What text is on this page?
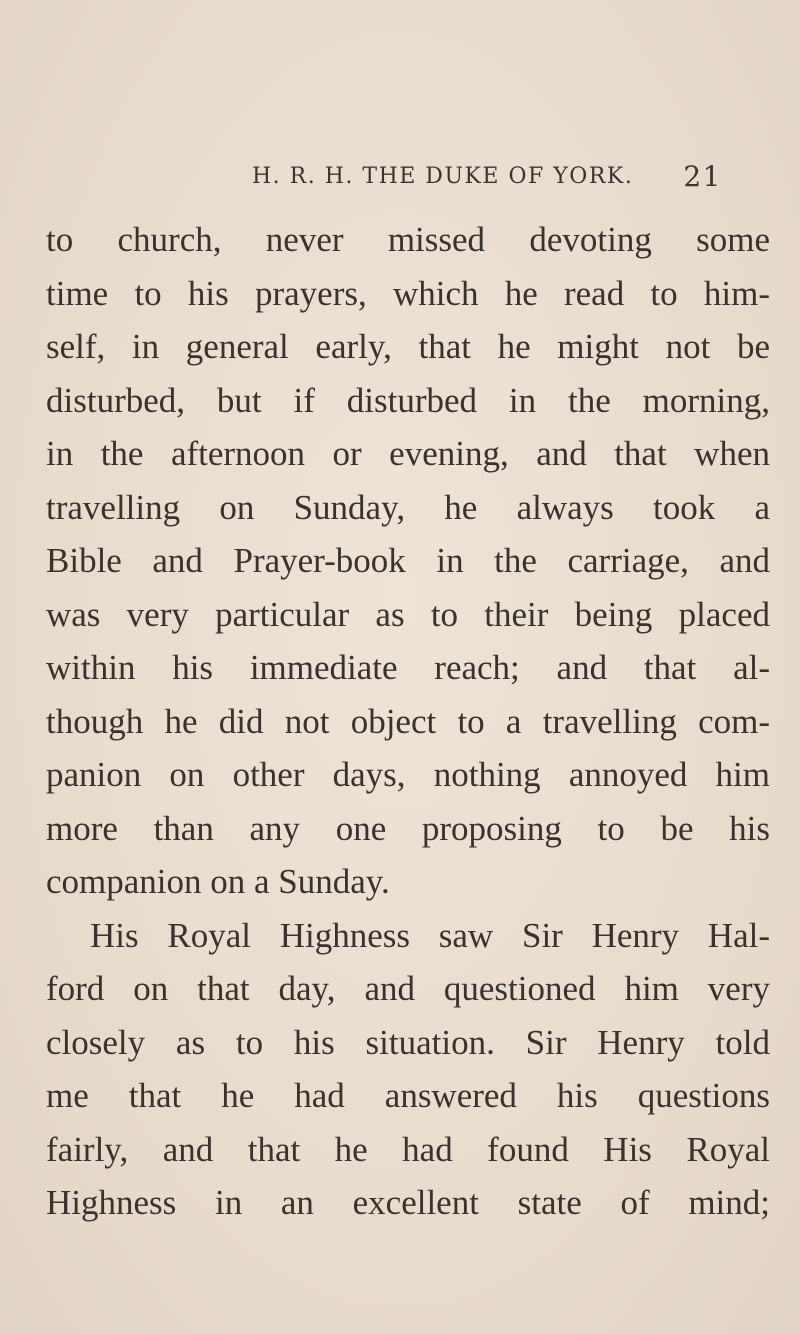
H. R. H. THE DUKE OF YORK. 21
to church, never missed devoting some
time to his prayers, which he read to him-
self, in general early, that he might not be
disturbed, but if disturbed in the morning,
in the afternoon or evening, and that when
travelling on Sunday, he always took a
Bible and Prayer-book in the carriage, and
was very particular as to their being placed
within his immediate reach; and that al-
though he did not object to a travelling com-
panion on other days, nothing annoyed him
more than any one proposing to be his
companion on a Sunday.
His Royal Highness saw Sir Henry Hal-
ford on that day, and questioned him very
closely as to his situation. Sir Henry told
me that he had answered his questions
fairly, and that he had found His Royal
Highness in an excellent state of mind;
